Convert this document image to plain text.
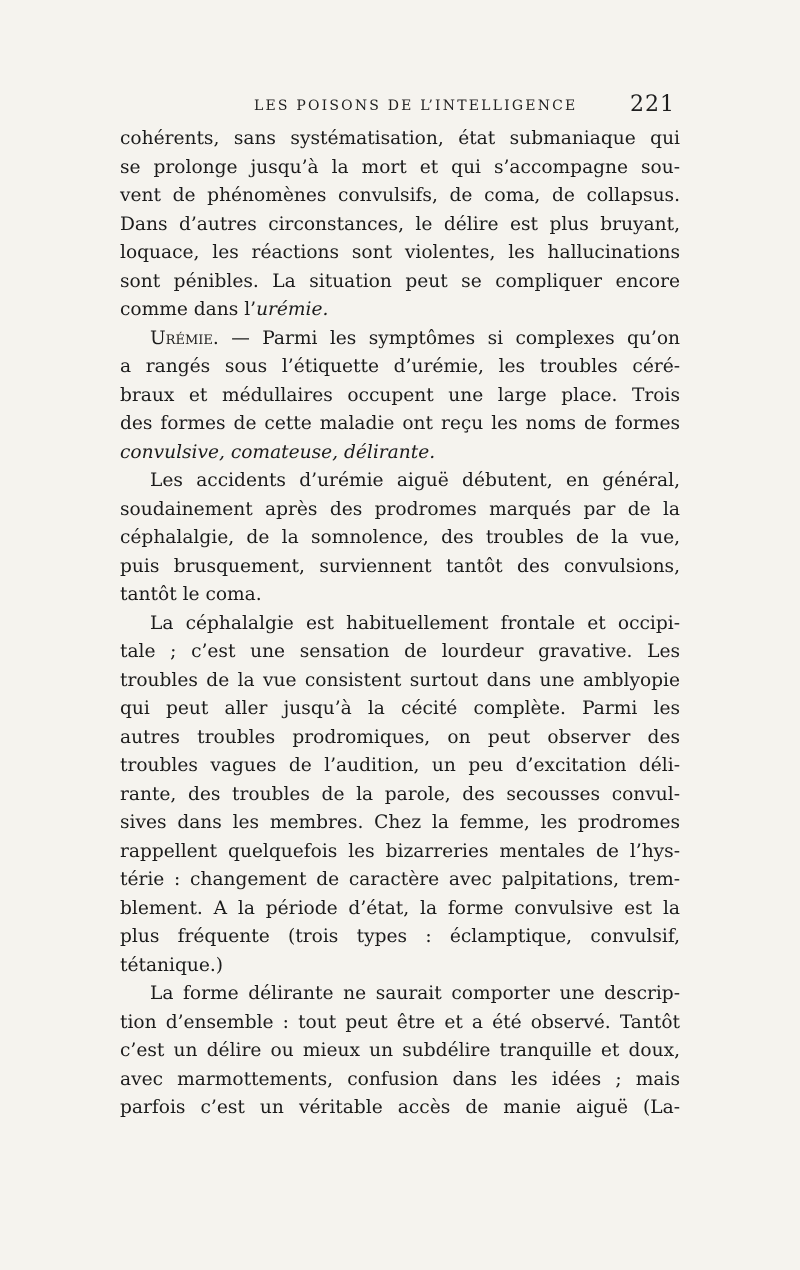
LES POISONS DE L’INTELLIGENCE 221
cohérents, sans systématisation, état submaniaque qui
se prolonge jusqu’à la mort et qui s’accompagne sou-
vent de phénomènes convulsifs, de coma, de collapsus.
Dans d’autres circonstances, le délire est plus bruyant,
loquace, les réactions sont violentes, les hallucinations
sont pénibles. La situation peut se compliquer encore
comme dans l’urémie.
Urémie. — Parmi les symptômes si complexes qu’on
a rangés sous l’étiquette d’urémie, les troubles céré-
braux et médullaires occupent une large place. Trois
des formes de cette maladie ont reçu les noms de formes
convulsive, comateuse, délirante.
Les accidents d’urémie aiguë débutent, en général,
soudainement après des prodromes marqués par de la
céphalalgie, de la somnolence, des troubles de la vue,
puis brusquement, surviennent tantôt des convulsions,
tantôt le coma.
La céphalalgie est habituellement frontale et occipi-
tale ; c’est une sensation de lourdeur gravative. Les
troubles de la vue consistent surtout dans une amblyopie
qui peut aller jusqu’à la cécité complète. Parmi les
autres troubles prodromiques, on peut observer des
troubles vagues de l’audition, un peu d’excitation déli-
rante, des troubles de la parole, des secousses convul-
sives dans les membres. Chez la femme, les prodromes
rappellent quelquefois les bizarreries mentales de l’hys-
térie : changement de caractère avec palpitations, trem-
blement. A la période d’état, la forme convulsive est la
plus fréquente (trois types : éclamptique, convulsif,
tétanique.)
La forme délirante ne saurait comporter une descrip-
tion d’ensemble : tout peut être et a été observé. Tantôt
c’est un délire ou mieux un subdélire tranquille et doux,
avec marmottements, confusion dans les idées ; mais
parfois c’est un véritable accès de manie aiguë (La-
